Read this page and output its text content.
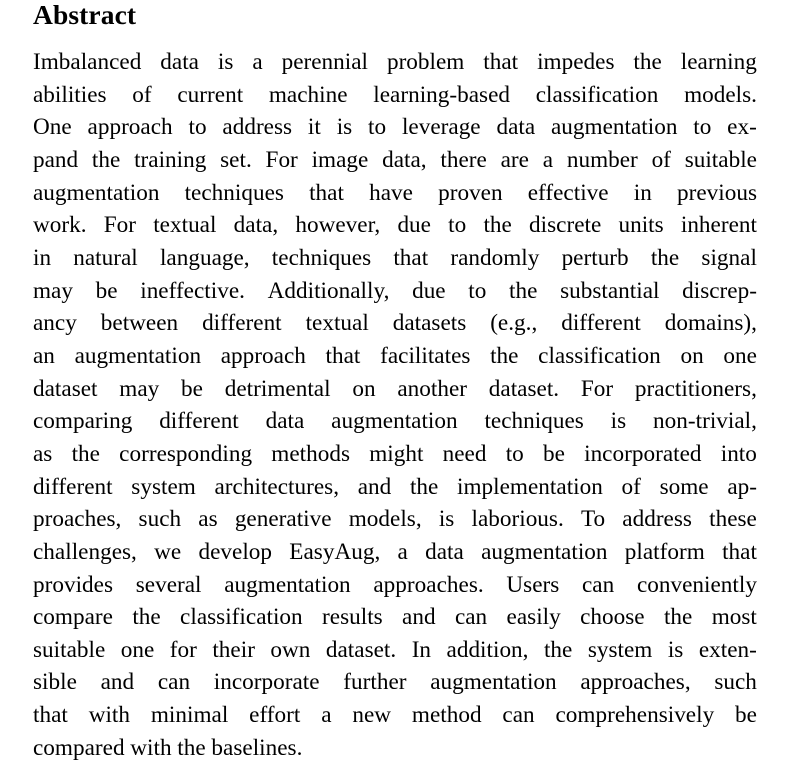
Abstract
Imbalanced data is a perennial problem that impedes the learning
abilities of current machine learning-based classification models.
One approach to address it is to leverage data augmentation to ex-
pand the training set. For image data, there are a number of suitable
augmentation techniques that have proven effective in previous
work. For textual data, however, due to the discrete units inherent
in natural language, techniques that randomly perturb the signal
may be ineffective. Additionally, due to the substantial discrep-
ancy between different textual datasets (e.g., different domains),
an augmentation approach that facilitates the classification on one
dataset may be detrimental on another dataset. For practitioners,
comparing different data augmentation techniques is non-trivial,
as the corresponding methods might need to be incorporated into
different system architectures, and the implementation of some ap-
proaches, such as generative models, is laborious. To address these
challenges, we develop EasyAug, a data augmentation platform that
provides several augmentation approaches. Users can conveniently
compare the classification results and can easily choose the most
suitable one for their own dataset. In addition, the system is exten-
sible and can incorporate further augmentation approaches, such
that with minimal effort a new method can comprehensively be
compared with the baselines.
